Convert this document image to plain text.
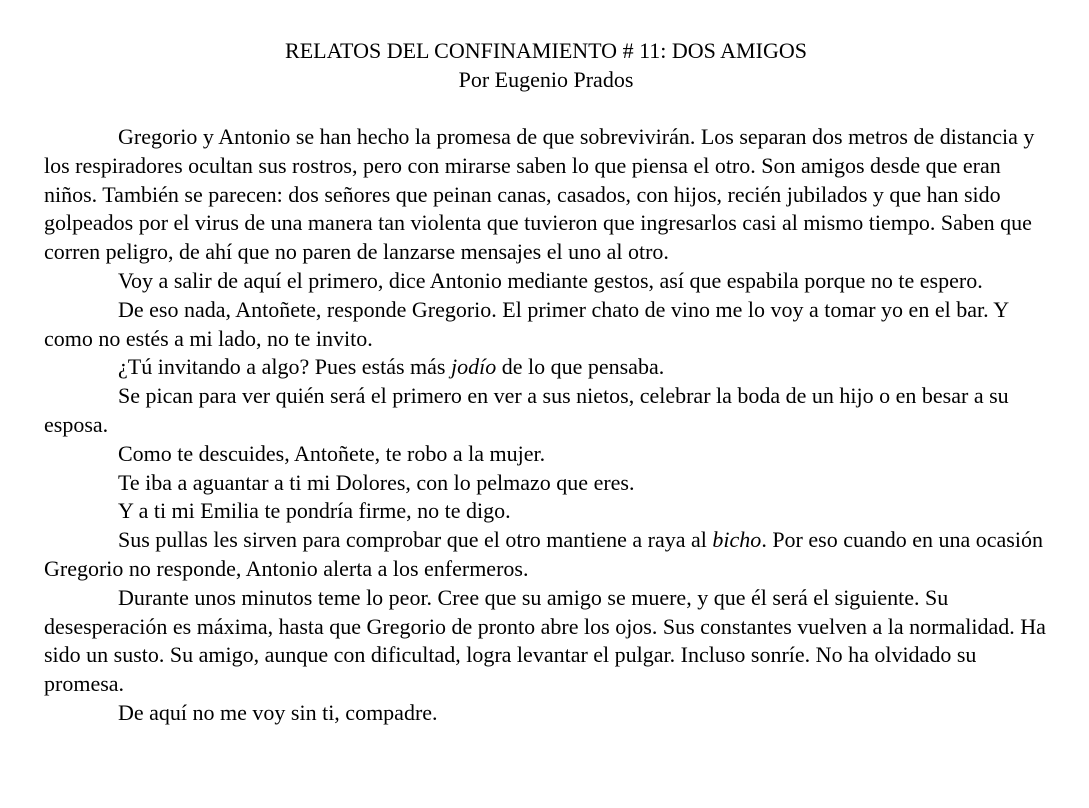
RELATOS DEL CONFINAMIENTO # 11: DOS AMIGOS

Por Eugenio Prados

Gregorio y Antonio se han hecho la promesa de que sobrevivirán. Los separan dos metros de distancia y los respiradores ocultan sus rostros, pero con mirarse saben lo que piensa el otro. Son amigos desde que eran niños. También se parecen: dos señores que peinan canas, casados, con hijos, recién jubilados y que han sido golpeados por el virus de una manera tan violenta que tuvieron que ingresarlos casi al mismo tiempo. Saben que corren peligro, de ahí que no paren de lanzarse mensajes el uno al otro.

Voy a salir de aquí el primero, dice Antonio mediante gestos, así que espabila porque no te espero.

De eso nada, Antoñete, responde Gregorio. El primer chato de vino me lo voy a tomar yo en el bar. Y como no estés a mi lado, no te invito.

¿Tú invitando a algo? Pues estás más jodío de lo que pensaba.

Se pican para ver quién será el primero en ver a sus nietos, celebrar la boda de un hijo o en besar a su esposa.

Como te descuides, Antoñete, te robo a la mujer.

Te iba a aguantar a ti mi Dolores, con lo pelmazo que eres.

Y a ti mi Emilia te pondría firme, no te digo.

Sus pullas les sirven para comprobar que el otro mantiene a raya al bicho. Por eso cuando en una ocasión Gregorio no responde, Antonio alerta a los enfermeros.

Durante unos minutos teme lo peor. Cree que su amigo se muere, y que él será el siguiente. Su desesperación es máxima, hasta que Gregorio de pronto abre los ojos. Sus constantes vuelven a la normalidad. Ha sido un susto. Su amigo, aunque con dificultad, logra levantar el pulgar. Incluso sonríe. No ha olvidado su promesa.

De aquí no me voy sin ti, compadre.
